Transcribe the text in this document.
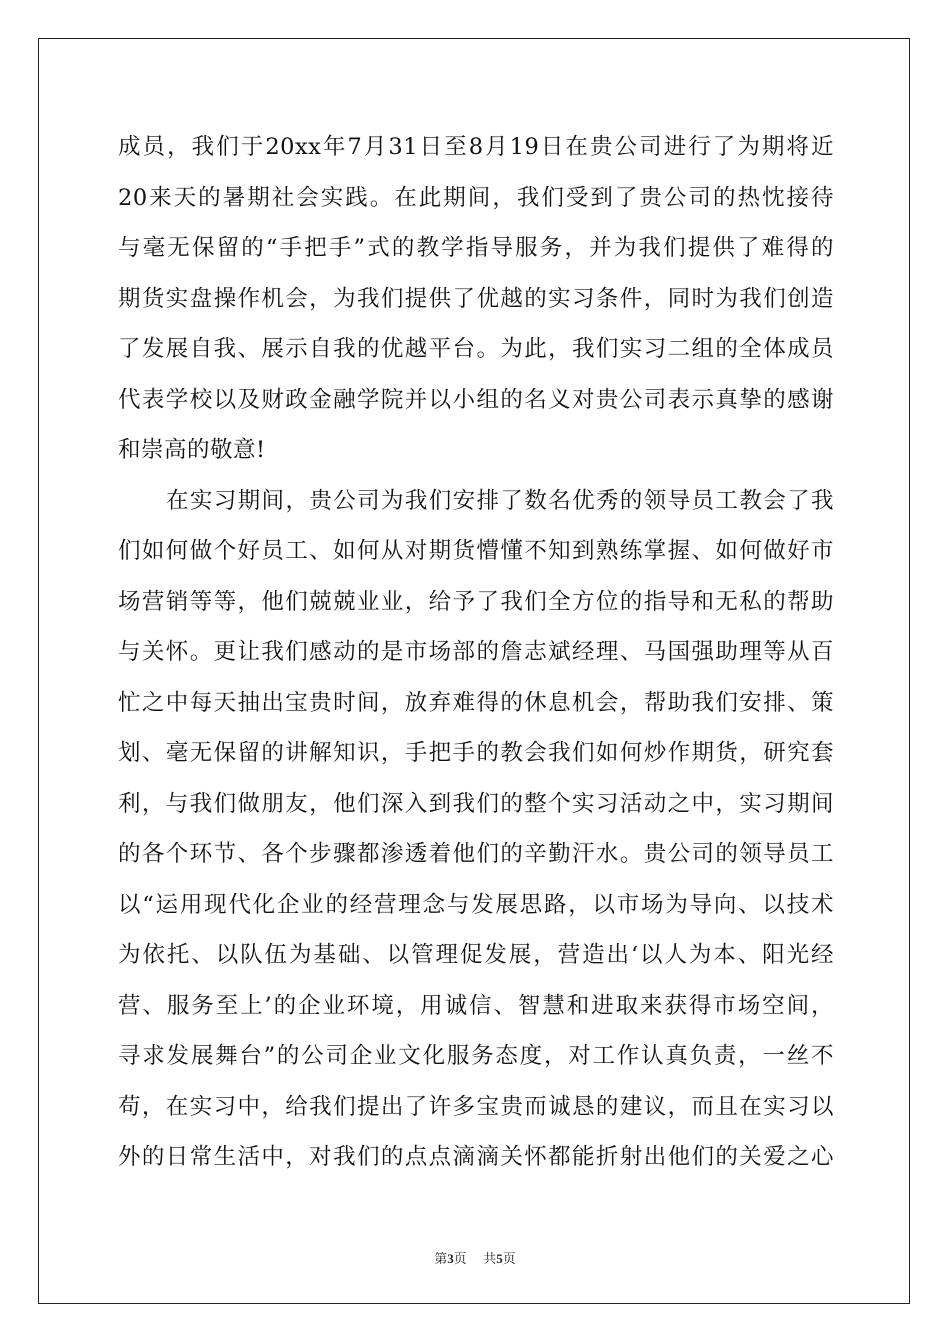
成员，我们于20xx年7月31日至8月19日在贵公司进行了为期将近
20来天的暑期社会实践。在此期间，我们受到了贵公司的热忱接待
与毫无保留的“手把手”式的教学指导服务，并为我们提供了难得的
期货实盘操作机会，为我们提供了优越的实习条件，同时为我们创造
了发展自我、展示自我的优越平台。为此，我们实习二组的全体成员
代表学校以及财政金融学院并以小组的名义对贵公司表示真挚的感谢
和崇高的敬意!
在实习期间，贵公司为我们安排了数名优秀的领导员工教会了我
们如何做个好员工、如何从对期货懵懂不知到熟练掌握、如何做好市
场营销等等，他们兢兢业业，给予了我们全方位的指导和无私的帮助
与关怀。更让我们感动的是市场部的詹志斌经理、马国强助理等从百
忙之中每天抽出宝贵时间，放弃难得的休息机会，帮助我们安排、策
划、毫无保留的讲解知识，手把手的教会我们如何炒作期货，研究套
利，与我们做朋友，他们深入到我们的整个实习活动之中，实习期间
的各个环节、各个步骤都渗透着他们的辛勤汗水。贵公司的领导员工
以“运用现代化企业的经营理念与发展思路，以市场为导向、以技术
为依托、以队伍为基础、以管理促发展，营造出‘以人为本、阳光经
营、服务至上’的企业环境，用诚信、智慧和进取来获得市场空间，
寻求发展舞台”的公司企业文化服务态度，对工作认真负责，一丝不
苟，在实习中，给我们提出了许多宝贵而诚恳的建议，而且在实习以
外的日常生活中，对我们的点点滴滴关怀都能折射出他们的关爱之心
第3页 共5页
